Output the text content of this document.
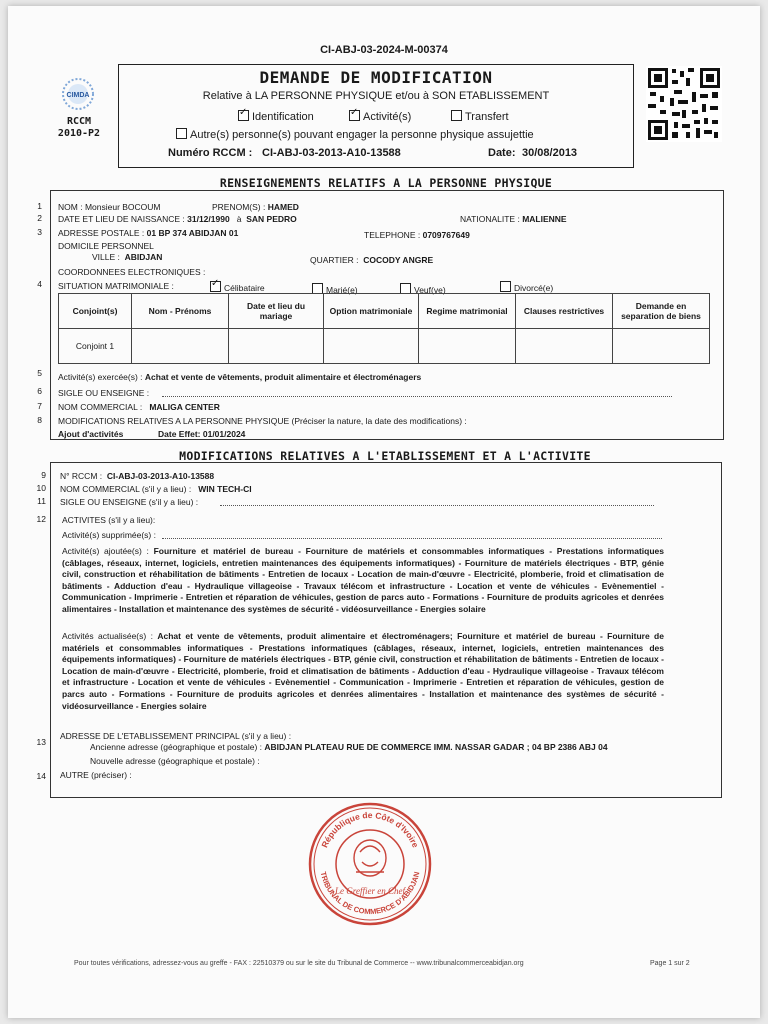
CI-ABJ-03-2024-M-00374
CIMDA
RCCM
2010-P2
DEMANDE DE MODIFICATION
Relative à LA PERSONNE PHYSIQUE et/ou à SON ETABLISSEMENT
✓Identification ✓	Activité(s)	Transfert
Autre(s) personne(s) pouvant engager la personne physique assujettie
Numéro RCCM : CI-ABJ-03-2013-A10-13588	Date: 30/08/2013
RENSEIGNEMENTS RELATIFS A LA PERSONNE PHYSIQUE
1
2
3
4
5
6
7
8
NOM : Monsieur BOCOUM	PRENOM(S) : HAMED
DATE ET LIEU DE NAISSANCE : 31/12/1990 à SAN PEDRO	NATIONALITE : MALIENNE
ADRESSE POSTALE : 01 BP 374 ABIDJAN 01	TELEPHONE : 0709767649
DOMICILE PERSONNEL
VILLE : ABIDJAN	QUARTIER : COCODY ANGRE
COORDONNEES ELECTRONIQUES :
SITUATION MATRIMONIALE : ✓	Célibataire	Marié(e)	Veuf(ve)	Divorcé(e)
Conjoint(s)	Nom - Prénoms	Date et lieu du mariage	Option matrimoniale	Regime matrimonial	Clauses restrictives	Demande en separation de biens
Conjoint 1						
Activité(s) exercée(s) : Achat et vente de vêtements, produit alimentaire et électroménagers
SIGLE OU ENSEIGNE :
NOM COMMERCIAL : MALIGA CENTER
MODIFICATIONS RELATIVES A LA PERSONNE PHYSIQUE (Préciser la nature, la date des modifications) :
Ajout d'activités	Date Effet: 01/01/2024
MODIFICATIONS RELATIVES A L'ETABLISSEMENT ET A L'ACTIVITE
9
10
11
12
13
14
N° RCCM : CI-ABJ-03-2013-A10-13588
NOM COMMERCIAL (s'il y a lieu) : WIN TECH-CI
SIGLE OU ENSEIGNE (s'il y a lieu) :
ACTIVITES (s'il y a lieu):
Activité(s) supprimée(s) :
Activité(s) ajoutée(s) : Fourniture et matériel de bureau - Fourniture de matériels et consommables informatiques - Prestations informatiques (câblages, réseaux, internet, logiciels, entretien maintenances des équipements informatiques) - Fourniture de matériels électriques - BTP, génie civil, construction et réhabilitation de bâtiments - Entretien de locaux - Location de main-d'œuvre - Electricité, plomberie, froid et climatisation de bâtiments - Adduction d'eau - Hydraulique villageoise - Travaux télécom et infrastructure - Location et vente de véhicules - Evènementiel - Communication - Imprimerie - Entretien et réparation de véhicules, gestion de parcs auto - Formations - Fourniture de produits agricoles et denrées alimentaires - Installation et maintenance des systèmes de sécurité - vidéosurveillance - Energies solaire
Activités actualisée(s) : Achat et vente de vêtements, produit alimentaire et électroménagers; Fourniture et matériel de bureau - Fourniture de matériels et consommables informatiques - Prestations informatiques (câblages, réseaux, internet, logiciels, entretien maintenances des équipements informatiques) - Fourniture de matériels électriques - BTP, génie civil, construction et réhabilitation de bâtiments - Entretien de locaux - Location de main-d'œuvre - Electricité, plomberie, froid et climatisation de bâtiments - Adduction d'eau - Hydraulique villageoise - Travaux télécom et infrastructure - Location et vente de véhicules - Evènementiel - Communication - Imprimerie - Entretien et réparation de véhicules, gestion de parcs auto - Formations - Fourniture de produits agricoles et denrées alimentaires - Installation et maintenance des systèmes de sécurité - vidéosurveillance - Energies solaire
ADRESSE DE L'ETABLISSEMENT PRINCIPAL (s'il y a lieu) :
Ancienne adresse (géographique et postale) : ABIDJAN PLATEAU RUE DE COMMERCE IMM. NASSAR GADAR ; 04 BP 2386 ABJ 04
Nouvelle adresse (géographique et postale) :
AUTRE (préciser) :
République de Côte d'Ivoire
TRIBUNAL DE COMMERCE D'ABIDJAN
Le Greffier en Chef
Pour toutes vérifications, adressez-vous au greffe - FAX : 22510379 ou sur le site du Tribunal de Commerce -- www.tribunalcommerceabidjan.org	Page 1 sur 2
